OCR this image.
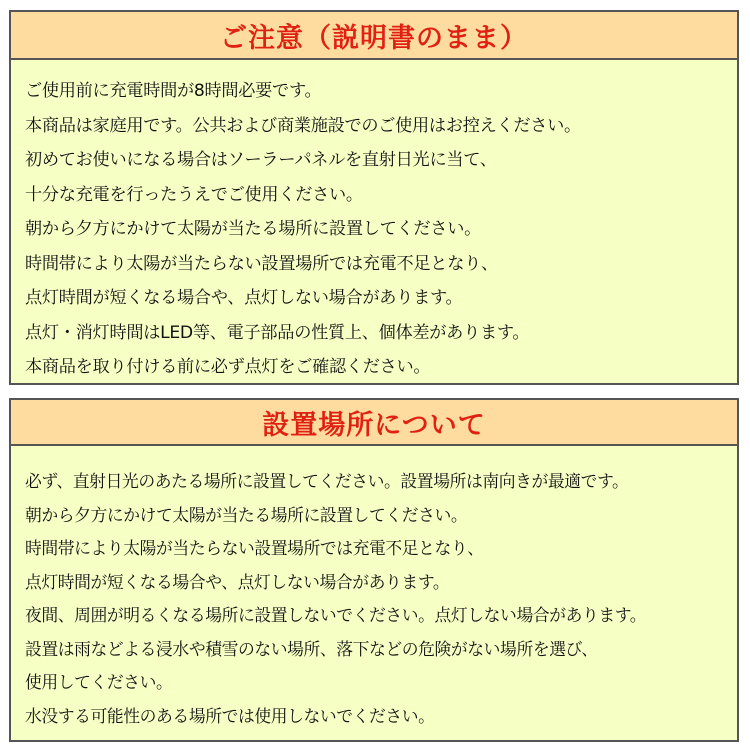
ご注意（説明書のまま）
ご使用前に充電時間が8時間必要です。
本商品は家庭用です。公共および商業施設でのご使用はお控えください。
初めてお使いになる場合はソーラーパネルを直射日光に当て、
十分な充電を行ったうえでご使用ください。
朝から夕方にかけて太陽が当たる場所に設置してください。
時間帯により太陽が当たらない設置場所では充電不足となり、
点灯時間が短くなる場合や、点灯しない場合があります。
点灯・消灯時間はLED等、電子部品の性質上、個体差があります。
本商品を取り付ける前に必ず点灯をご確認ください。
設置場所について
必ず、直射日光のあたる場所に設置してください。設置場所は南向きが最適です。
朝から夕方にかけて太陽が当たる場所に設置してください。
時間帯により太陽が当たらない設置場所では充電不足となり、
点灯時間が短くなる場合や、点灯しない場合があります。
夜間、周囲が明るくなる場所に設置しないでください。点灯しない場合があります。
設置は雨などよる浸水や積雪のない場所、落下などの危険がない場所を選び、
使用してください。
水没する可能性のある場所では使用しないでください。
